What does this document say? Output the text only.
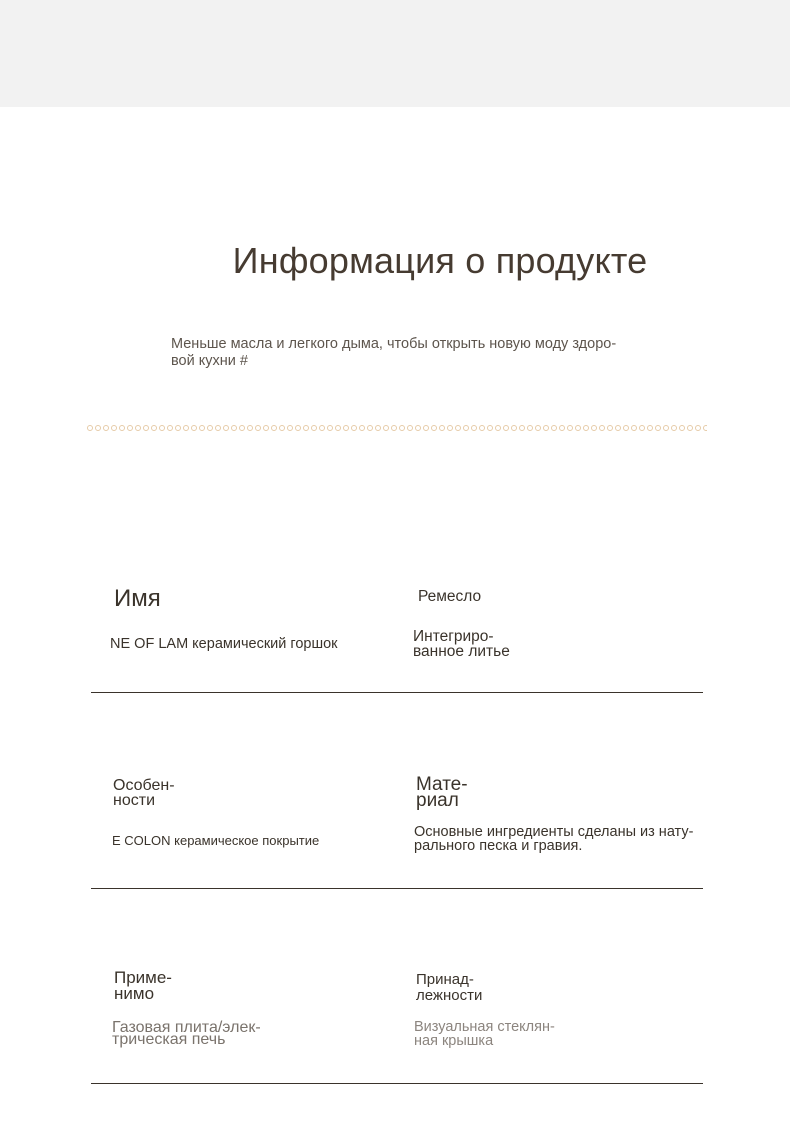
Информация о продукте
Меньше масла и легкого дыма, чтобы открыть новую моду здоро-
вой кухни #
Имя
NE OF LAM керамический горшок
Ремесло
Интегриро-
ванное литье
Особен-
ности
E COLON керамическое покрытие
Мате-
риал
Основные ингредиенты сделаны из нату-
рального песка и гравия.
Приме-
нимо
Газовая плита/элек-
трическая печь
Принад-
лежности
Визуальная стеклян-
ная крышка
